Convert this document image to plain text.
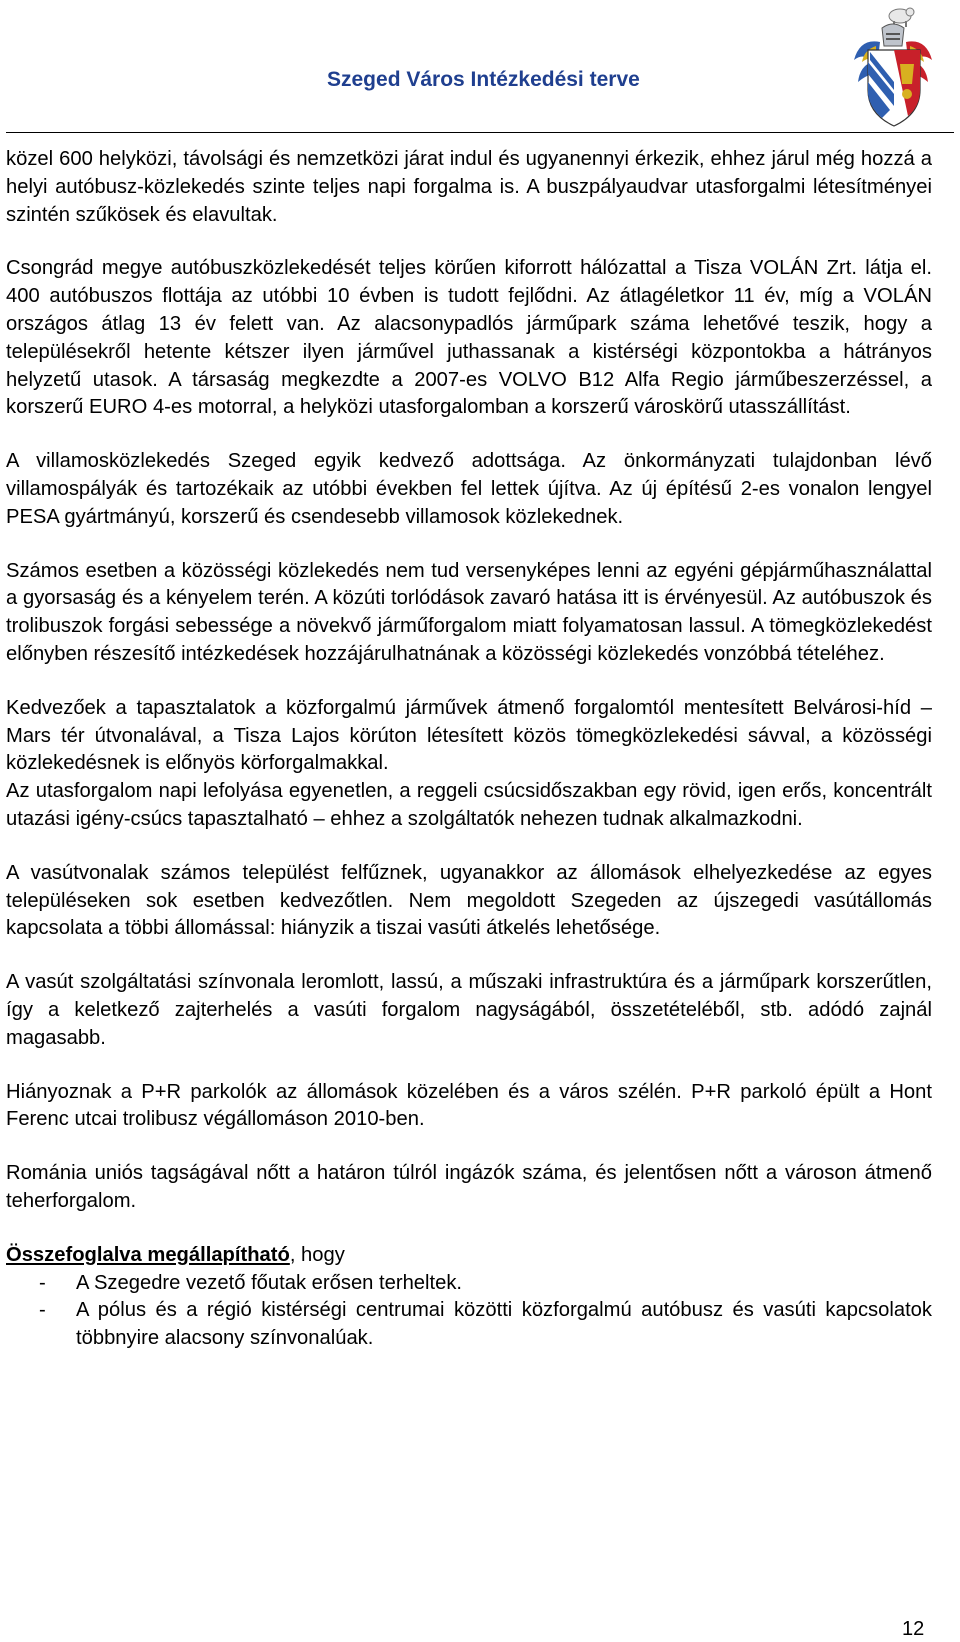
Szeged Város Intézkedési terve

közel 600 helyközi, távolsági és nemzetközi járat indul és ugyanennyi érkezik, ehhez járul még hozzá a helyi autóbusz-közlekedés szinte teljes napi forgalma is. A buszpályaudvar utasforgalmi létesítményei szintén szűkösek és elavultak.

Csongrád megye autóbuszközlekedését teljes körűen kiforrott hálózattal a Tisza VOLÁN Zrt. látja el. 400 autóbuszos flottája az utóbbi 10 évben is tudott fejlődni. Az átlagéletkor 11 év, míg a VOLÁN országos átlag 13 év felett van. Az alacsonypadlós járműpark száma lehetővé teszik, hogy a településekről hetente kétszer ilyen járművel juthassanak a kistérségi központokba a hátrányos helyzetű utasok. A társaság megkezdte a 2007-es VOLVO B12 Alfa Regio járműbeszerzéssel, a korszerű EURO 4-es motorral, a helyközi utasforgalomban a korszerű városkörű utasszállítást.

A villamosközlekedés Szeged egyik kedvező adottsága. Az önkormányzati tulajdonban lévő villamospályák és tartozékaik az utóbbi években fel lettek újítva. Az új építésű 2-es vonalon lengyel PESA gyártmányú, korszerű és csendesebb villamosok közlekednek.

Számos esetben a közösségi közlekedés nem tud versenyképes lenni az egyéni gépjárműhasználattal a gyorsaság és a kényelem terén. A közúti torlódások zavaró hatása itt is érvényesül. Az autóbuszok és trolibuszok forgási sebessége a növekvő járműforgalom miatt folyamatosan lassul. A tömegközlekedést előnyben részesítő intézkedések hozzájárulhatnának a közösségi közlekedés vonzóbbá tételéhez.

Kedvezőek a tapasztalatok a közforgalmú járművek átmenő forgalomtól mentesített Belvárosi-híd – Mars tér útvonalával, a Tisza Lajos körúton létesített közös tömegközlekedési sávval, a közösségi közlekedésnek is előnyös körforgalmakkal.

Az utasforgalom napi lefolyása egyenetlen, a reggeli csúcsidőszakban egy rövid, igen erős, koncentrált utazási igény-csúcs tapasztalható – ehhez a szolgáltatók nehezen tudnak alkalmazkodni.

A vasútvonalak számos települést felfűznek, ugyanakkor az állomások elhelyezkedése az egyes településeken sok esetben kedvezőtlen. Nem megoldott Szegeden az újszegedi vasútállomás kapcsolata a többi állomással: hiányzik a tiszai vasúti átkelés lehetősége.

A vasút szolgáltatási színvonala leromlott, lassú, a műszaki infrastruktúra és a járműpark korszerűtlen, így a keletkező zajterhelés a vasúti forgalom nagyságából, összetételéből, stb. adódó zajnál magasabb.

Hiányoznak a P+R parkolók az állomások közelében és a város szélén. P+R parkoló épült a Hont Ferenc utcai trolibusz végállomáson 2010-ben.

Románia uniós tagságával nőtt a határon túlról ingázók száma, és jelentősen nőtt a városon átmenő teherforgalom.

Összefoglalva megállapítható, hogy
- A Szegedre vezető főutak erősen terheltek.
- A pólus és a régió kistérségi centrumai közötti közforgalmú autóbusz és vasúti kapcsolatok többnyire alacsony színvonalúak.
12
